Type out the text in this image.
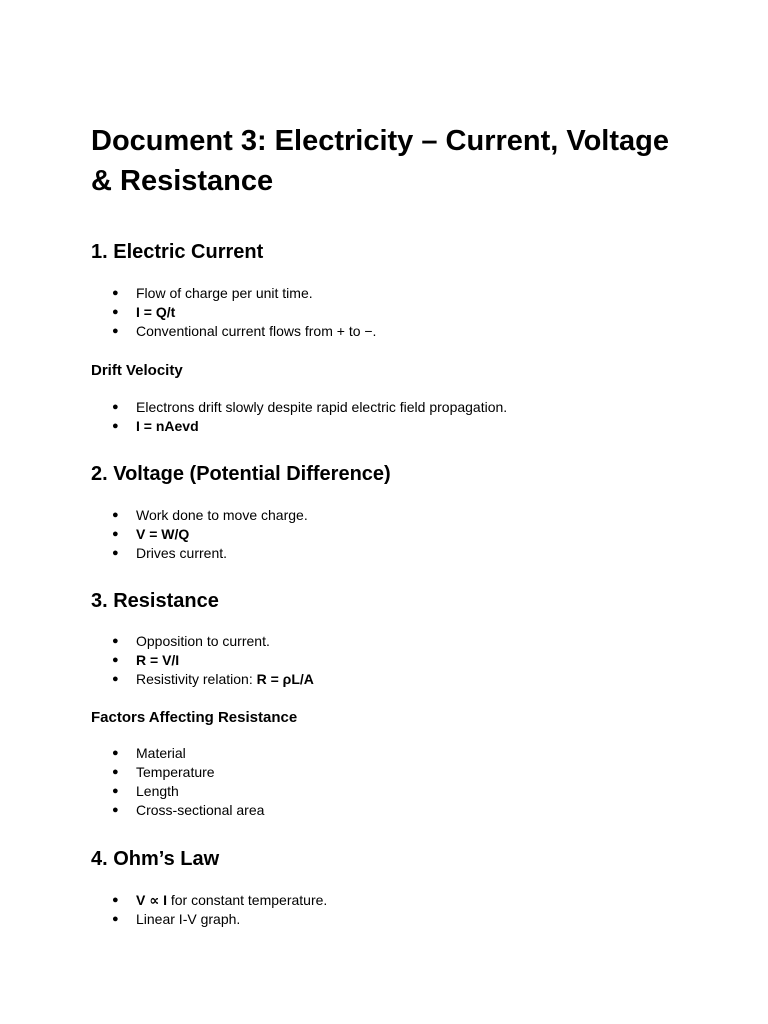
Document 3: Electricity – Current, Voltage & Resistance
1. Electric Current
● Flow of charge per unit time.
● I = Q/t
● Conventional current flows from + to −.
Drift Velocity
● Electrons drift slowly despite rapid electric field propagation.
● I = nAevd
2. Voltage (Potential Difference)
● Work done to move charge.
● V = W/Q
● Drives current.
3. Resistance
● Opposition to current.
● R = V/I
● Resistivity relation: R = ρL/A
Factors Affecting Resistance
● Material
● Temperature
● Length
● Cross-sectional area
4. Ohm’s Law
● V ∝ I for constant temperature.
● Linear I-V graph.
